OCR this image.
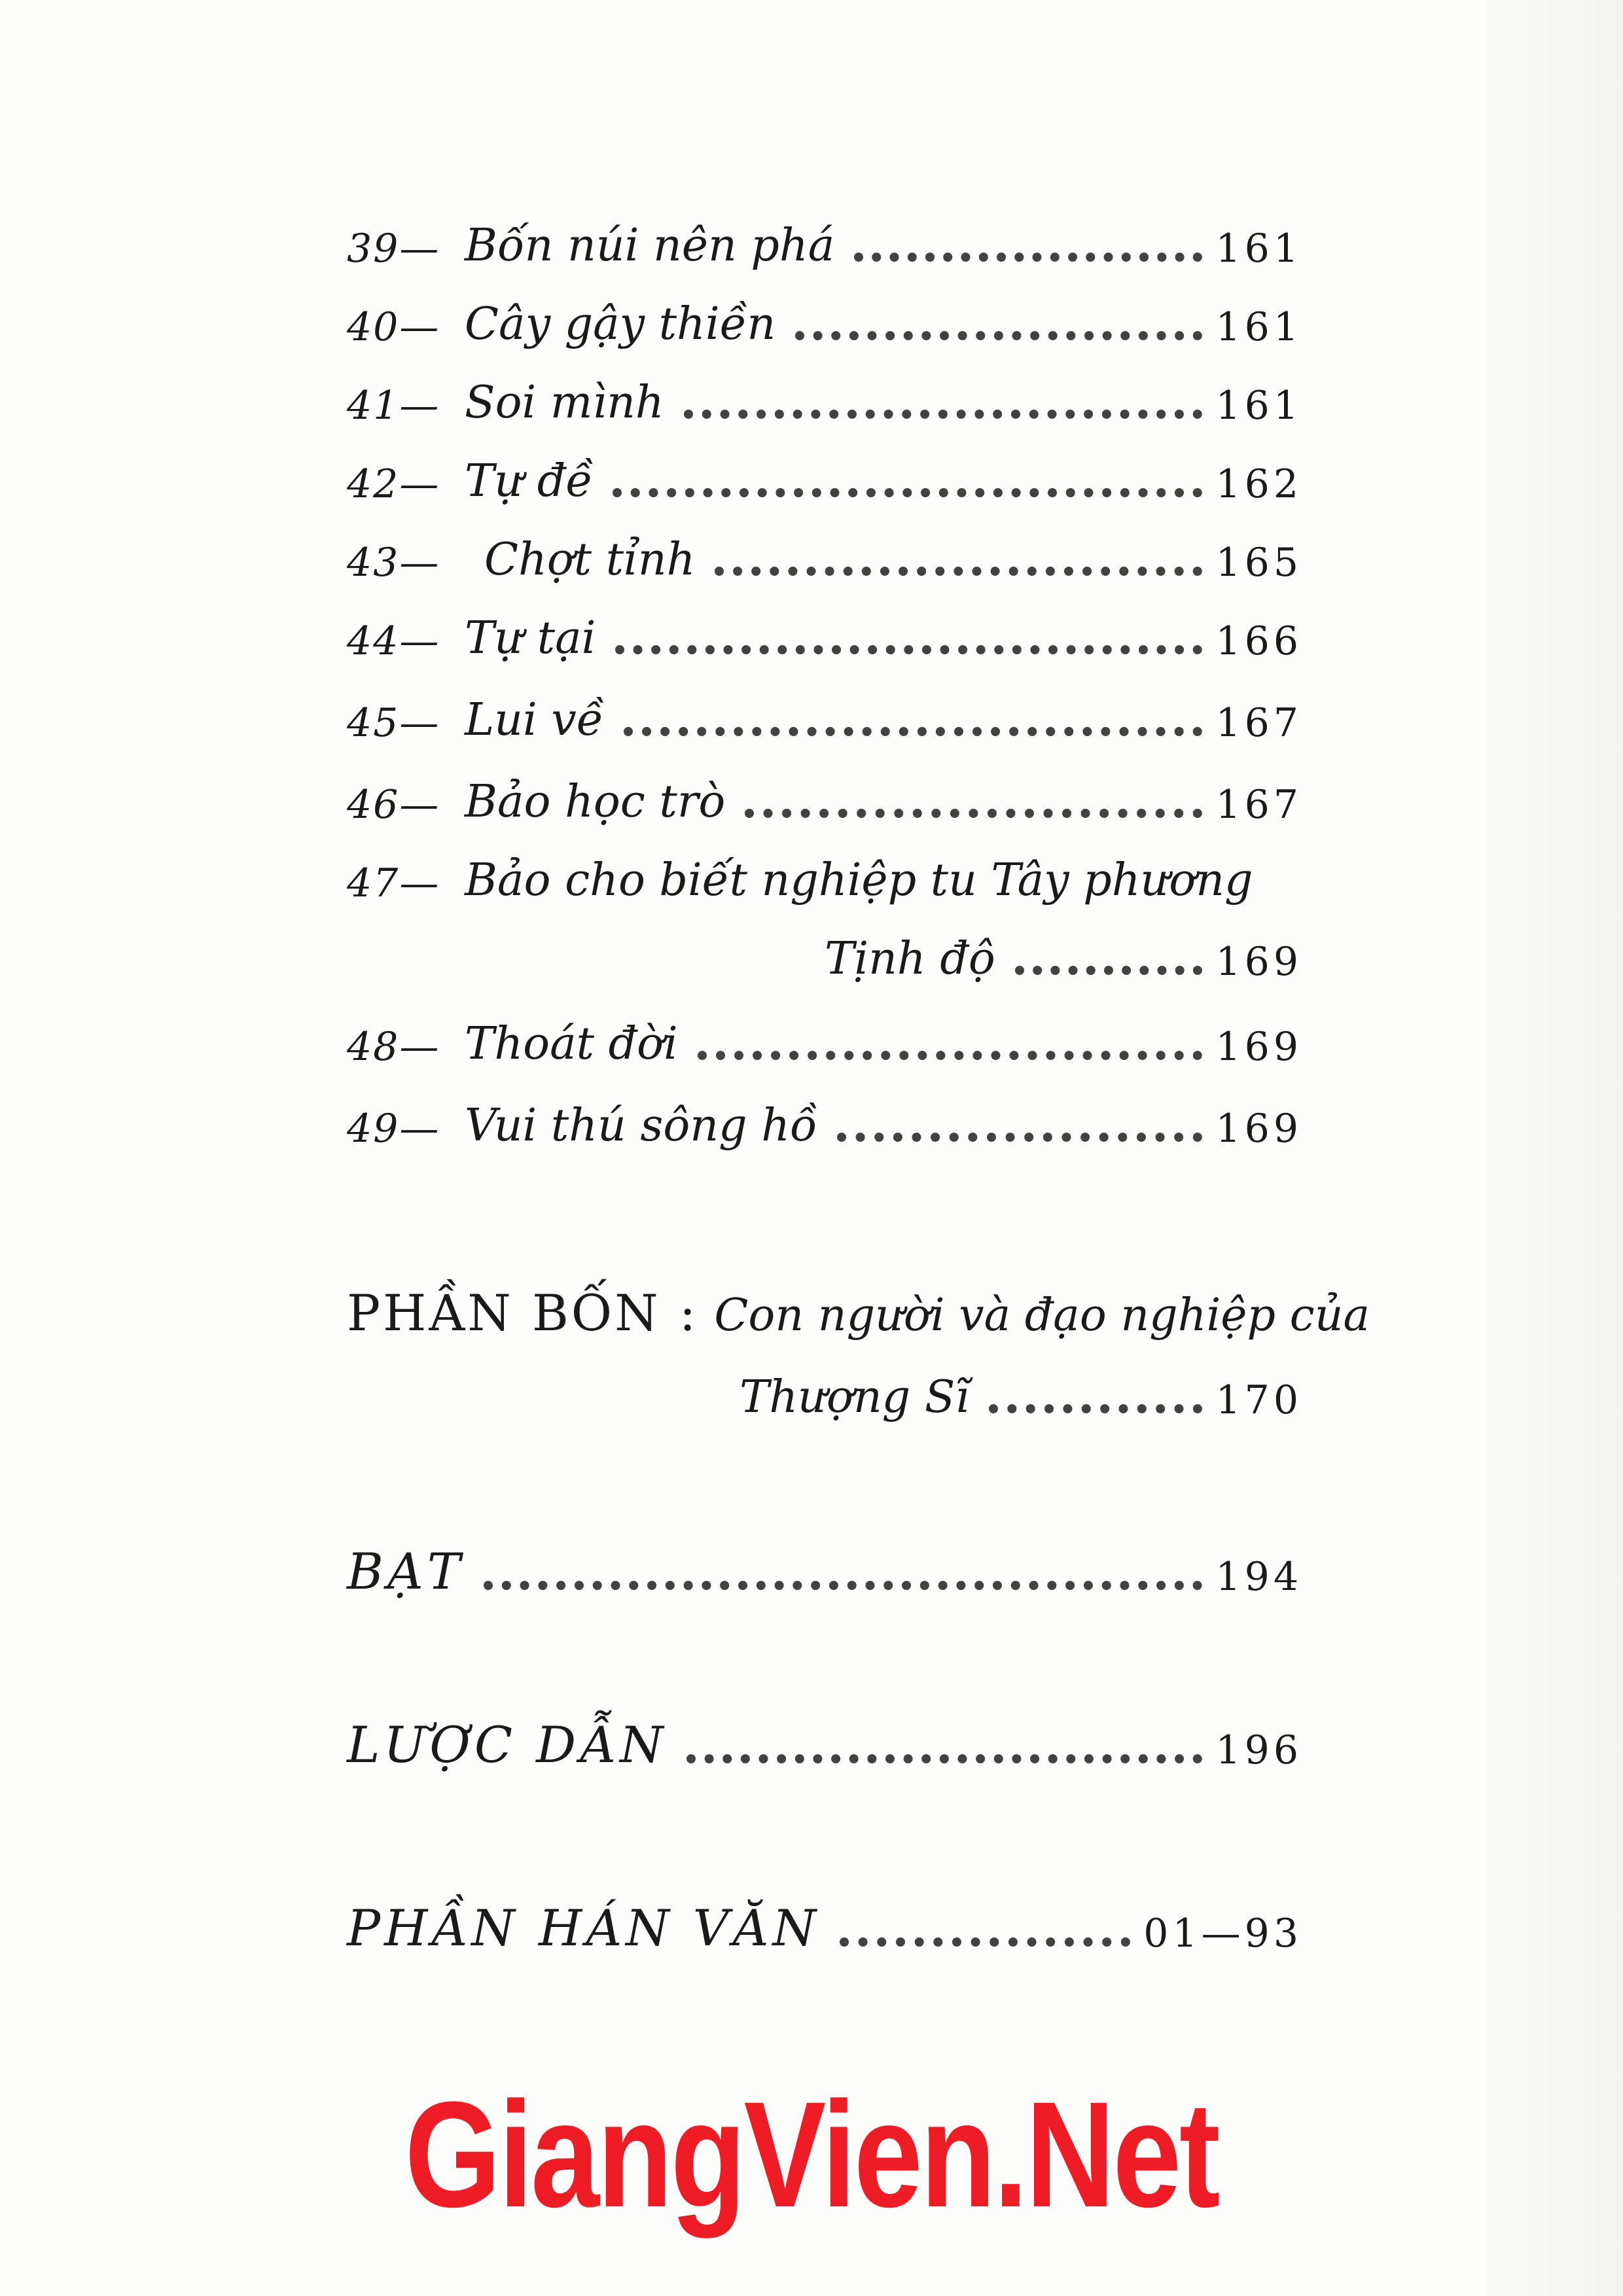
39— Bốn núi nên phá	161
40— Cây gậy thiền	161
41— Soi mình	161
42— Tự đề	162
43— Chợt tỉnh	165
44— Tự tại	166
45— Lui về	167
46— Bảo học trò	167
47— Bảo cho biết nghiệp tu Tây phương
Tịnh độ	169
48— Thoát đời	169
49— Vui thú sông hồ	169
PHẦN BỐN : Con người và đạo nghiệp của
Thượng Sĩ	170
BẠT	194
LƯỢC DẪN	196
PHẦN HÁN VĂN	01—93
GiangVien.Net
